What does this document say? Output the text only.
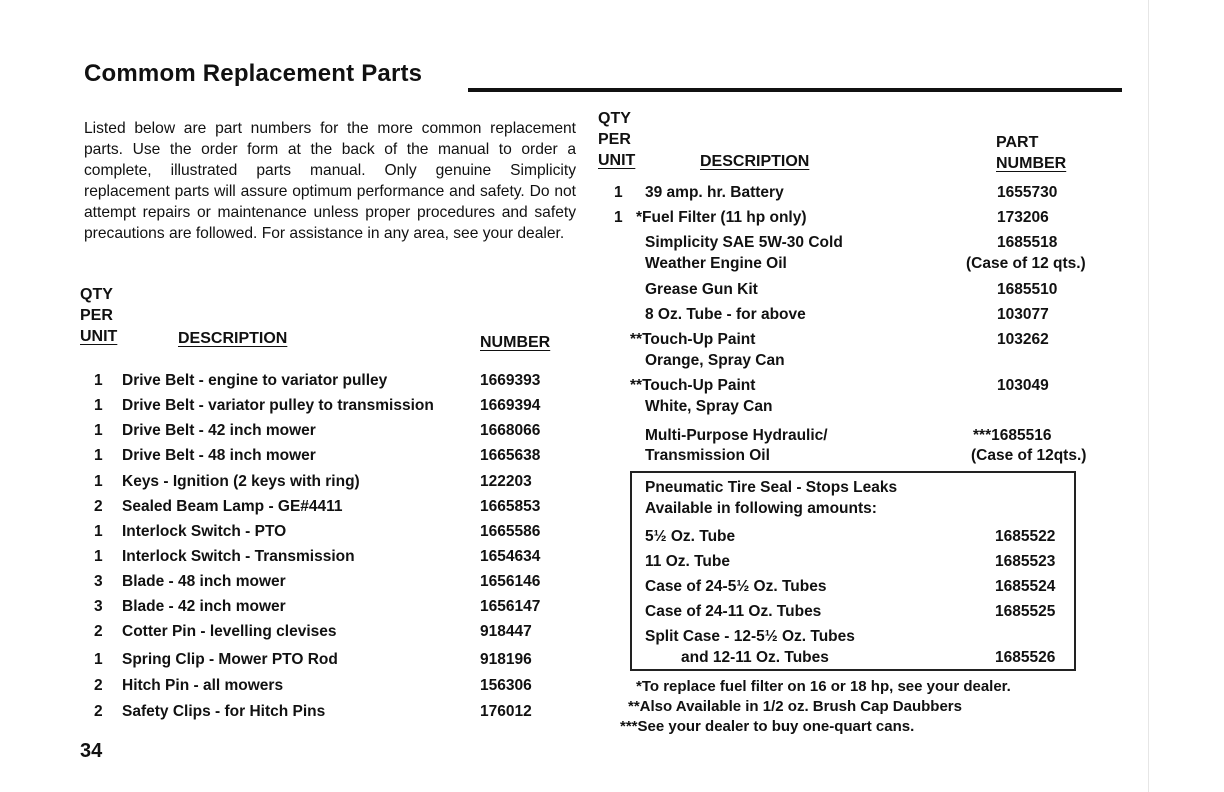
Commom Replacement Parts

Listed below are part numbers for the more common replacement parts. Use the order form at the back of the manual to order a complete, illustrated parts manual. Only genuine Simplicity replacement parts will assure optimum performance and safety. Do not attempt repairs or maintenance unless proper procedures and safety precautions are followed. For assistance in any area, see your dealer.

QTY
PER
UNIT	DESCRIPTION	NUMBER
1 Drive Belt - engine to variator pulley	1669393
1 Drive Belt - variator pulley to transmission	1669394
1 Drive Belt - 42 inch mower	1668066
1 Drive Belt - 48 inch mower	1665638
1 Keys - Ignition (2 keys with ring)	122203
2 Sealed Beam Lamp - GE#4411	1665853
1 Interlock Switch - PTO	1665586
1 Interlock Switch - Transmission	1654634
3 Blade - 48 inch mower	1656146
3 Blade - 42 inch mower	1656147
2 Cotter Pin - levelling clevises	918447
1 Spring Clip - Mower PTO Rod	918196
2 Hitch Pin - all mowers	156306
2 Safety Clips - for Hitch Pins	176012
QTY
PER
UNIT	DESCRIPTION
PART
NUMBER
1 39 amp. hr. Battery	1655730
1 *Fuel Filter (11 hp only)	173206
Simplicity SAE 5W-30 Cold	1685518
Weather Engine Oil	(Case of 12 qts.)
Grease Gun Kit	1685510
8 Oz. Tube - for above	103077
**Touch-Up Paint	103262
Orange, Spray Can
**Touch-Up Paint	103049
White, Spray Can
Multi-Purpose Hydraulic/	***1685516
Transmission Oil	(Case of 12qts.)
Pneumatic Tire Seal - Stops Leaks
Available in following amounts:
5½ Oz. Tube	1685522
11 Oz. Tube	1685523
Case of 24-5½ Oz. Tubes	1685524
Case of 24-11 Oz. Tubes	1685525
Split Case - 12-5½ Oz. Tubes
and 12-11 Oz. Tubes	1685526
*To replace fuel filter on 16 or 18 hp, see your dealer.
**Also Available in 1/2 oz. Brush Cap Daubbers
***See your dealer to buy one-quart cans.
34
